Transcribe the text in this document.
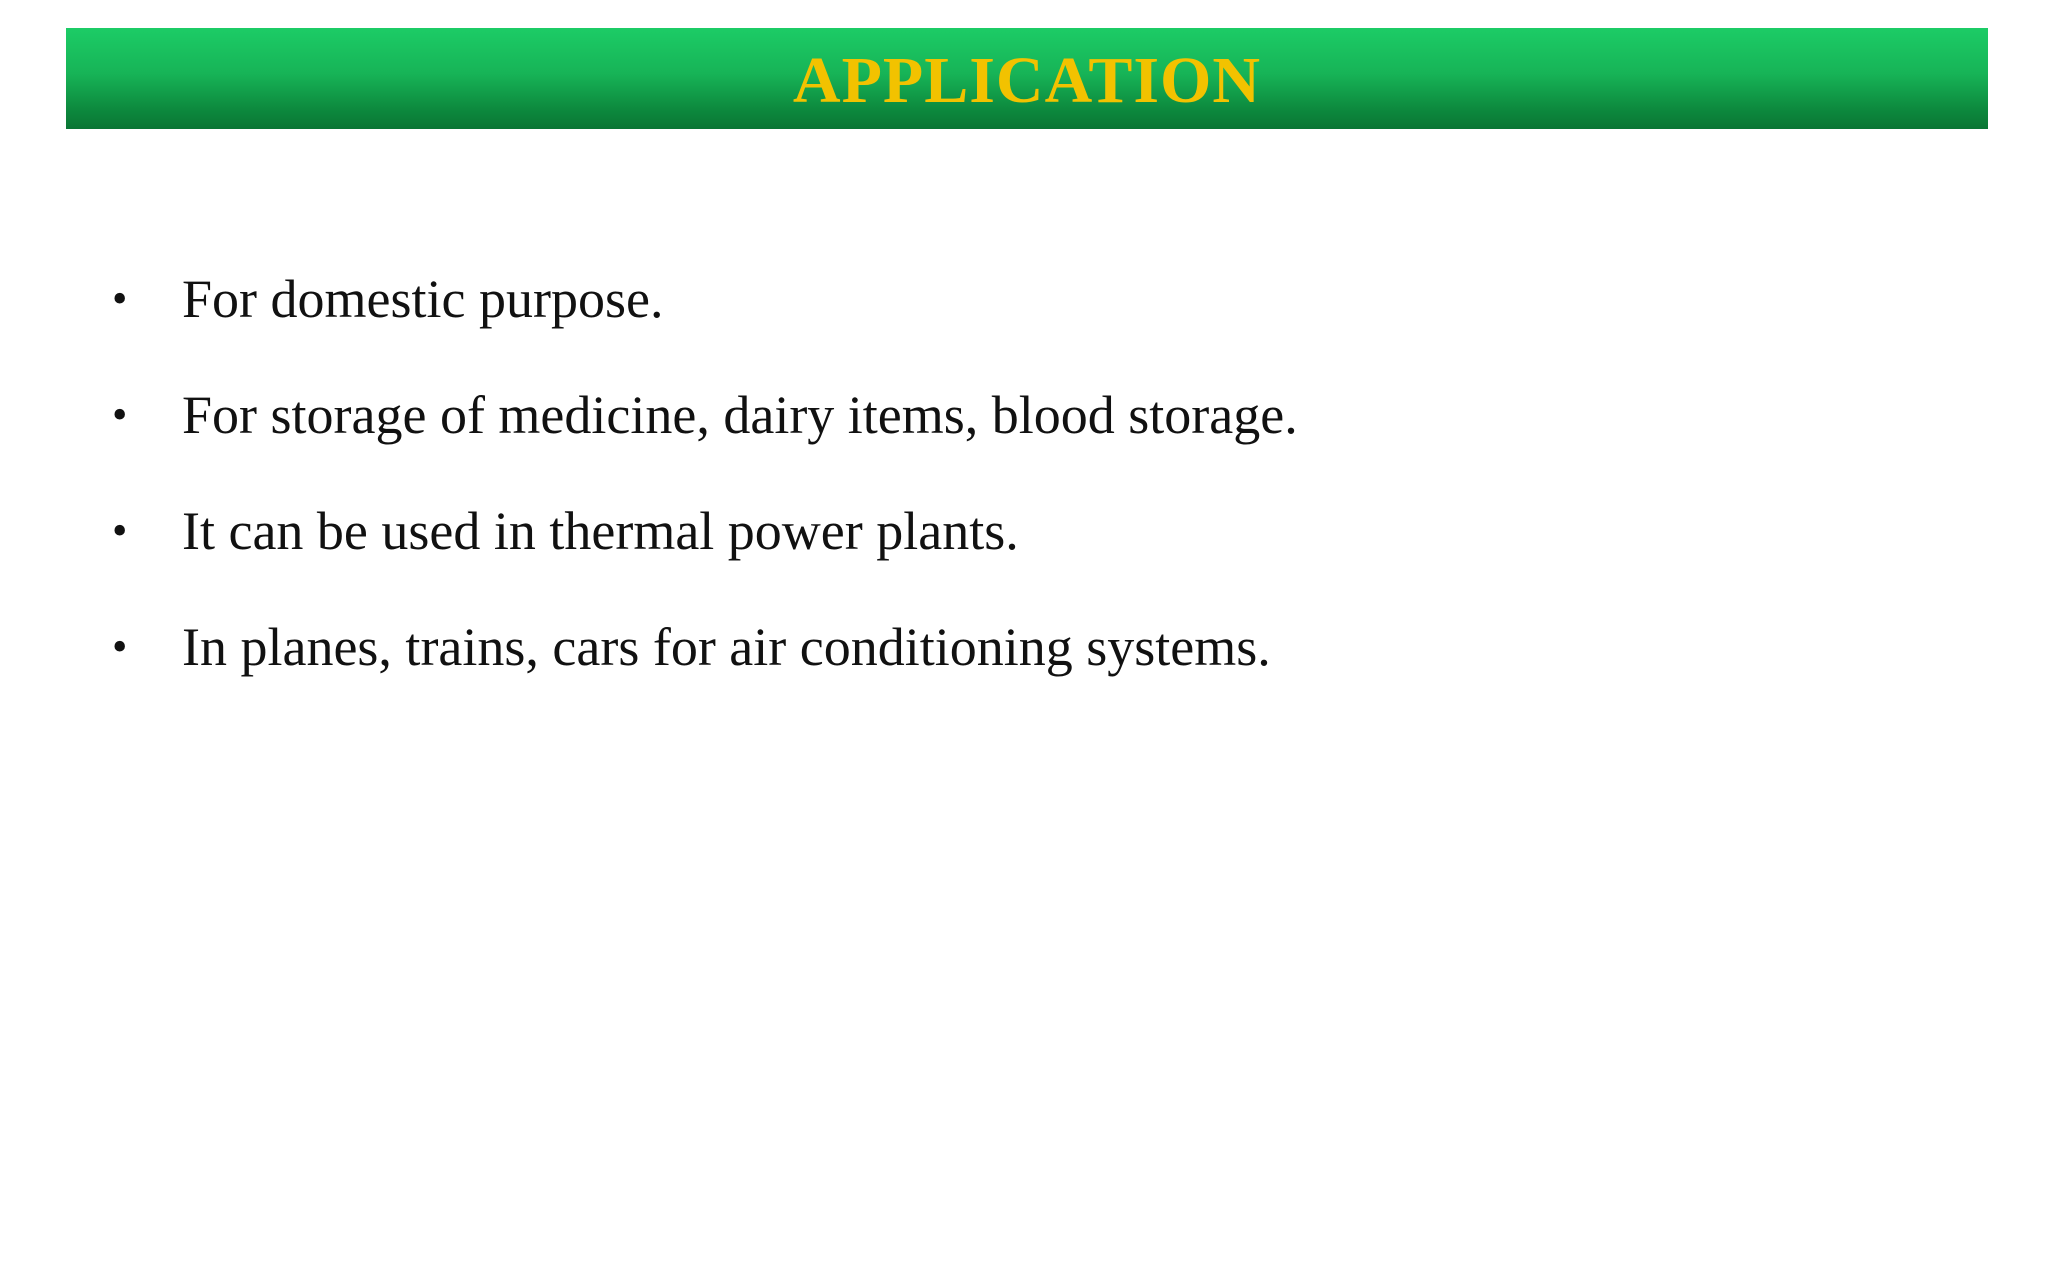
APPLICATION
•	For domestic purpose.
•	For storage of medicine, dairy items, blood storage.
•	It can be used in thermal power plants.
•	In planes, trains, cars for air conditioning systems.
